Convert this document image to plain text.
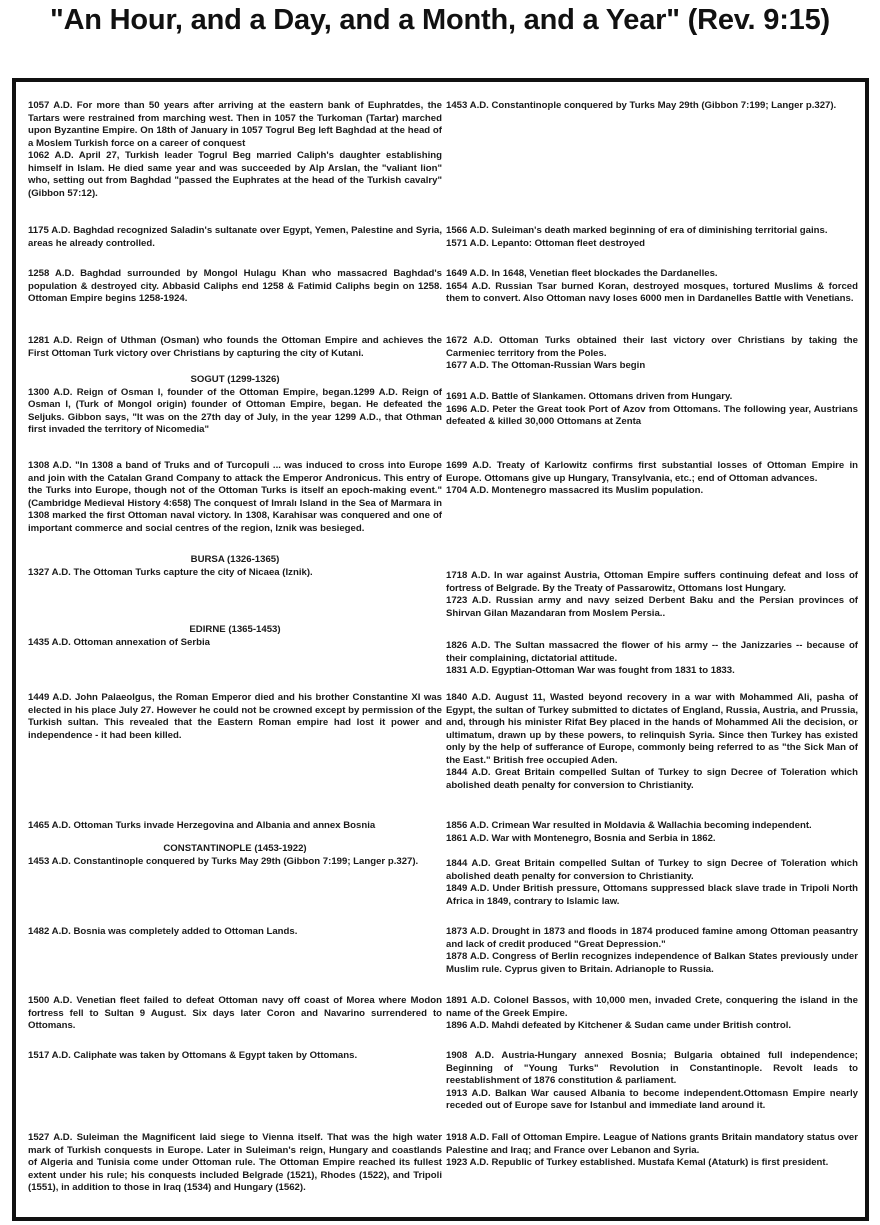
"An Hour, and a Day, and a Month, and a Year" (Rev. 9:15)

1057 A.D. For more than 50 years after arriving at the eastern bank of Euphratdes, the Tartars were restrained from marching west. Then in 1057 the Turkoman (Tartar) marched upon Byzantine Empire. On 18th of January in 1057 Togrul Beg left Baghdad at the head of a Moslem Turkish force on a career of conquest

1062 A.D. April 27, Turkish leader Togrul Beg married Caliph's daughter establishing himself in Islam. He died same year and was succeeded by Alp Arslan, the "valiant lion" who, setting out from Baghdad "passed the Euphrates at the head of the Turkish cavalry" (Gibbon 57:12).

1175 A.D. Baghdad recognized Saladin's sultanate over Egypt, Yemen, Palestine and Syria, areas he already controlled.

1258 A.D. Baghdad surrounded by Mongol Hulagu Khan who massacred Baghdad's population & destroyed city. Abbasid Caliphs end 1258 & Fatimid Caliphs begin on 1258. Ottoman Empire begins 1258-1924.

1281 A.D. Reign of Uthman (Osman) who founds the Ottoman Empire and achieves the First Ottoman Turk victory over Christians by capturing the city of Kutani.

SOGUT (1299-1326)

1300 A.D. Reign of Osman I, founder of the Ottoman Empire, began.1299 A.D. Reign of Osman I, (Turk of Mongol origin) founder of Ottoman Empire, began. He defeated the Seljuks. Gibbon says, "It was on the 27th day of July, in the year 1299 A.D., that Othman first invaded the territory of Nicomedia"

1308 A.D. "In 1308 a band of Truks and of Turcopuli ... was induced to cross into Europe and join with the Catalan Grand Company to attack the Emperor Andronicus. This entry of the Turks into Europe, though not of the Ottoman Turks is itself an epoch-making event." (Cambridge Medieval History 4:658) The conquest of Imralı Island in the Sea of Marmara in 1308 marked the first Ottoman naval victory. In 1308, Karahisar was conquered and one of important commerce and social centres of the region, Iznik was besieged.

BURSA (1326-1365)

1327 A.D. The Ottoman Turks capture the city of Nicaea (Iznik).

EDIRNE (1365-1453)

1435 A.D. Ottoman annexation of Serbia

1449 A.D. John Palaeolgus, the Roman Emperor died and his brother Constantine XI was elected in his place July 27. However he could not be crowned except by permission of the Turkish sultan. This revealed that the Eastern Roman empire had lost it power and independence - it had been killed.

1465 A.D. Ottoman Turks invade Herzegovina and Albania and annex Bosnia

CONSTANTINOPLE (1453-1922)

1453 A.D. Constantinople conquered by Turks May 29th (Gibbon 7:199; Langer p.327).

1482 A.D. Bosnia was completely added to Ottoman Lands.

1500 A.D. Venetian fleet failed to defeat Ottoman navy off coast of Morea where Modon fortress fell to Sultan 9 August. Six days later Coron and Navarino surrendered to Ottomans.

1517 A.D. Caliphate was taken by Ottomans & Egypt taken by Ottomans.

1527 A.D. Suleiman the Magnificent laid siege to Vienna itself. That was the high water mark of Turkish conquests in Europe. Later in Suleiman's reign, Hungary and coastlands of Algeria and Tunisia come under Ottoman rule. The Ottoman Empire reached its fullest extent under his rule; his conquests included Belgrade (1521), Rhodes (1522), and Tripoli (1551), in addition to those in Iraq (1534) and Hungary (1562).

1453 A.D. Constantinople conquered by Turks May 29th (Gibbon 7:199; Langer p.327).

1566 A.D. Suleiman's death marked beginning of era of diminishing territorial gains.

1571 A.D. Lepanto: Ottoman fleet destroyed

1649 A.D. In 1648, Venetian fleet blockades the Dardanelles.

1654 A.D. Russian Tsar burned Koran, destroyed mosques, tortured Muslims & forced them to convert. Also Ottoman navy loses 6000 men in Dardanelles Battle with Venetians.

1672 A.D. Ottoman Turks obtained their last victory over Christians by taking the Carmeniec territory from the Poles.

1677 A.D. The Ottoman-Russian Wars begin

1691 A.D. Battle of Slankamen. Ottomans driven from Hungary.

1696 A.D. Peter the Great took Port of Azov from Ottomans. The following year, Austrians defeated & killed 30,000 Ottomans at Zenta

1699 A.D. Treaty of Karlowitz confirms first substantial losses of Ottoman Empire in Europe. Ottomans give up Hungary, Transylvania, etc.; end of Ottoman advances.

1704 A.D. Montenegro massacred its Muslim population.

1718 A.D. In war against Austria, Ottoman Empire suffers continuing defeat and loss of fortress of Belgrade. By the Treaty of Passarowitz, Ottomans lost Hungary.

1723 A.D. Russian army and navy seized Derbent Baku and the Persian provinces of Shirvan Gilan Mazandaran from Moslem Persia..

1826 A.D. The Sultan massacred the flower of his army -- the Janizzaries -- because of their complaining, dictatorial attitude.

1831 A.D. Egyptian-Ottoman War was fought from 1831 to 1833.

1840 A.D. August 11, Wasted beyond recovery in a war with Mohammed Ali, pasha of Egypt, the sultan of Turkey submitted to dictates of England, Russia, Austria, and Prussia, and, through his minister Rifat Bey placed in the hands of Mohammed Ali the decision, or ultimatum, drawn up by these powers, to relinquish Syria. Since then Turkey has existed only by the help of sufferance of Europe, commonly being referred to as "the Sick Man of the East." British free occupied Aden.

1844 A.D. Great Britain compelled Sultan of Turkey to sign Decree of Toleration which abolished death penalty for conversion to Christianity.

1856 A.D. Crimean War resulted in Moldavia & Wallachia becoming independent.

1861 A.D. War with Montenegro, Bosnia and Serbia in 1862.

1844 A.D. Great Britain compelled Sultan of Turkey to sign Decree of Toleration which abolished death penalty for conversion to Christianity.

1849 A.D. Under British pressure, Ottomans suppressed black slave trade in Tripoli North Africa in 1849, contrary to Islamic law.

1873 A.D. Drought in 1873 and floods in 1874 produced famine among Ottoman peasantry and lack of credit produced "Great Depression."

1878 A.D. Congress of Berlin recognizes independence of Balkan States previously under Muslim rule. Cyprus given to Britain. Adrianople to Russia.

1891 A.D. Colonel Bassos, with 10,000 men, invaded Crete, conquering the island in the name of the Greek Empire.

1896 A.D. Mahdi defeated by Kitchener & Sudan came under British control.

1908 A.D. Austria-Hungary annexed Bosnia; Bulgaria obtained full independence; Beginning of "Young Turks" Revolution in Constantinople. Revolt leads to reestablishment of 1876 constitution & parliament.

1913 A.D. Balkan War caused Albania to become independent.Ottomasn Empire nearly receded out of Europe save for Istanbul and immediate land around it.

1918 A.D. Fall of Ottoman Empire. League of Nations grants Britain mandatory status over Palestine and Iraq; and France over Lebanon and Syria.

1923 A.D. Republic of Turkey established. Mustafa Kemal (Ataturk) is first president.
